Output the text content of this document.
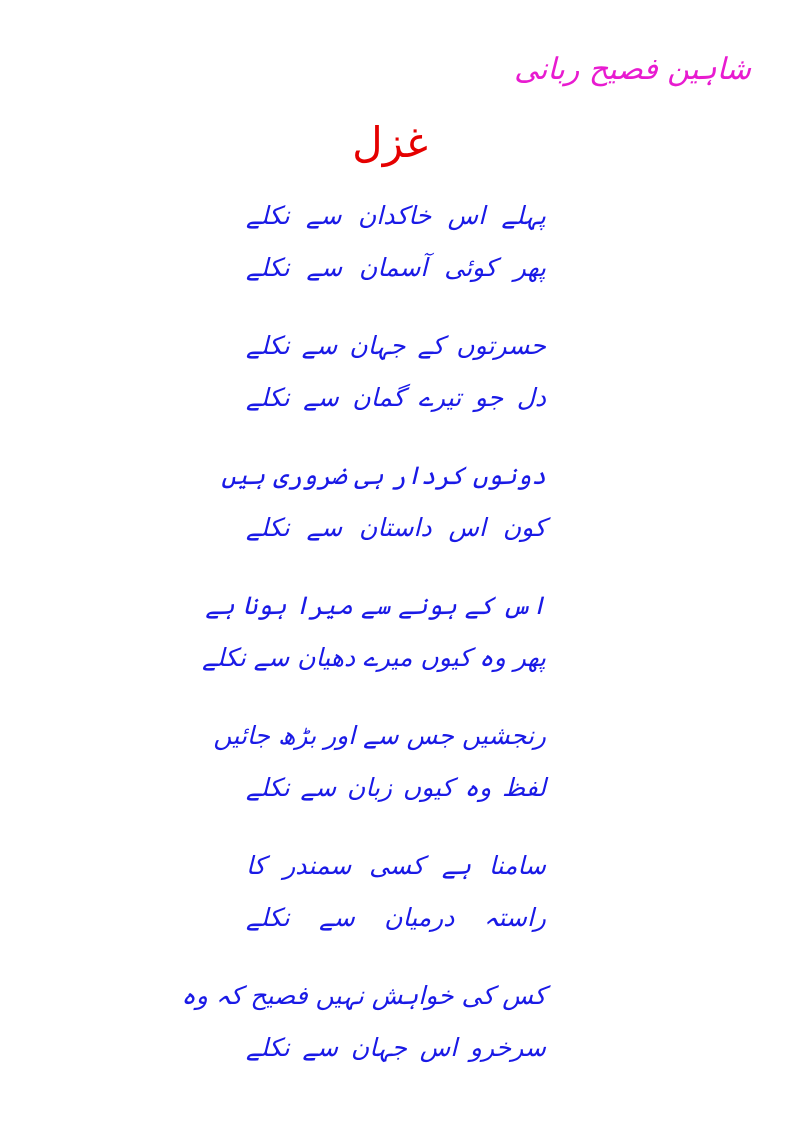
شاہین فصیح ربانی
غزل
پہلے اس خاکدان سے نکلے
پھر کوئی آسمان سے نکلے
حسرتوں کے جہان سے نکلے
دل جو تیرے گمان سے نکلے
دونوں کردار ہی ضروری ہیں
کون اس داستان سے نکلے
اس کے ہونے سے میرا ہونا ہے
پھر وہ کیوں میرے دھیان سے نکلے
رنجشیں جس سے اور بڑھ جائیں
لفظ وہ کیوں زبان سے نکلے
سامنا ہے کسی سمندر کا
راستہ درمیان سے نکلے
کس کی خواہش نہیں فصیح کہ وہ
سرخرو اس جہان سے نکلے
